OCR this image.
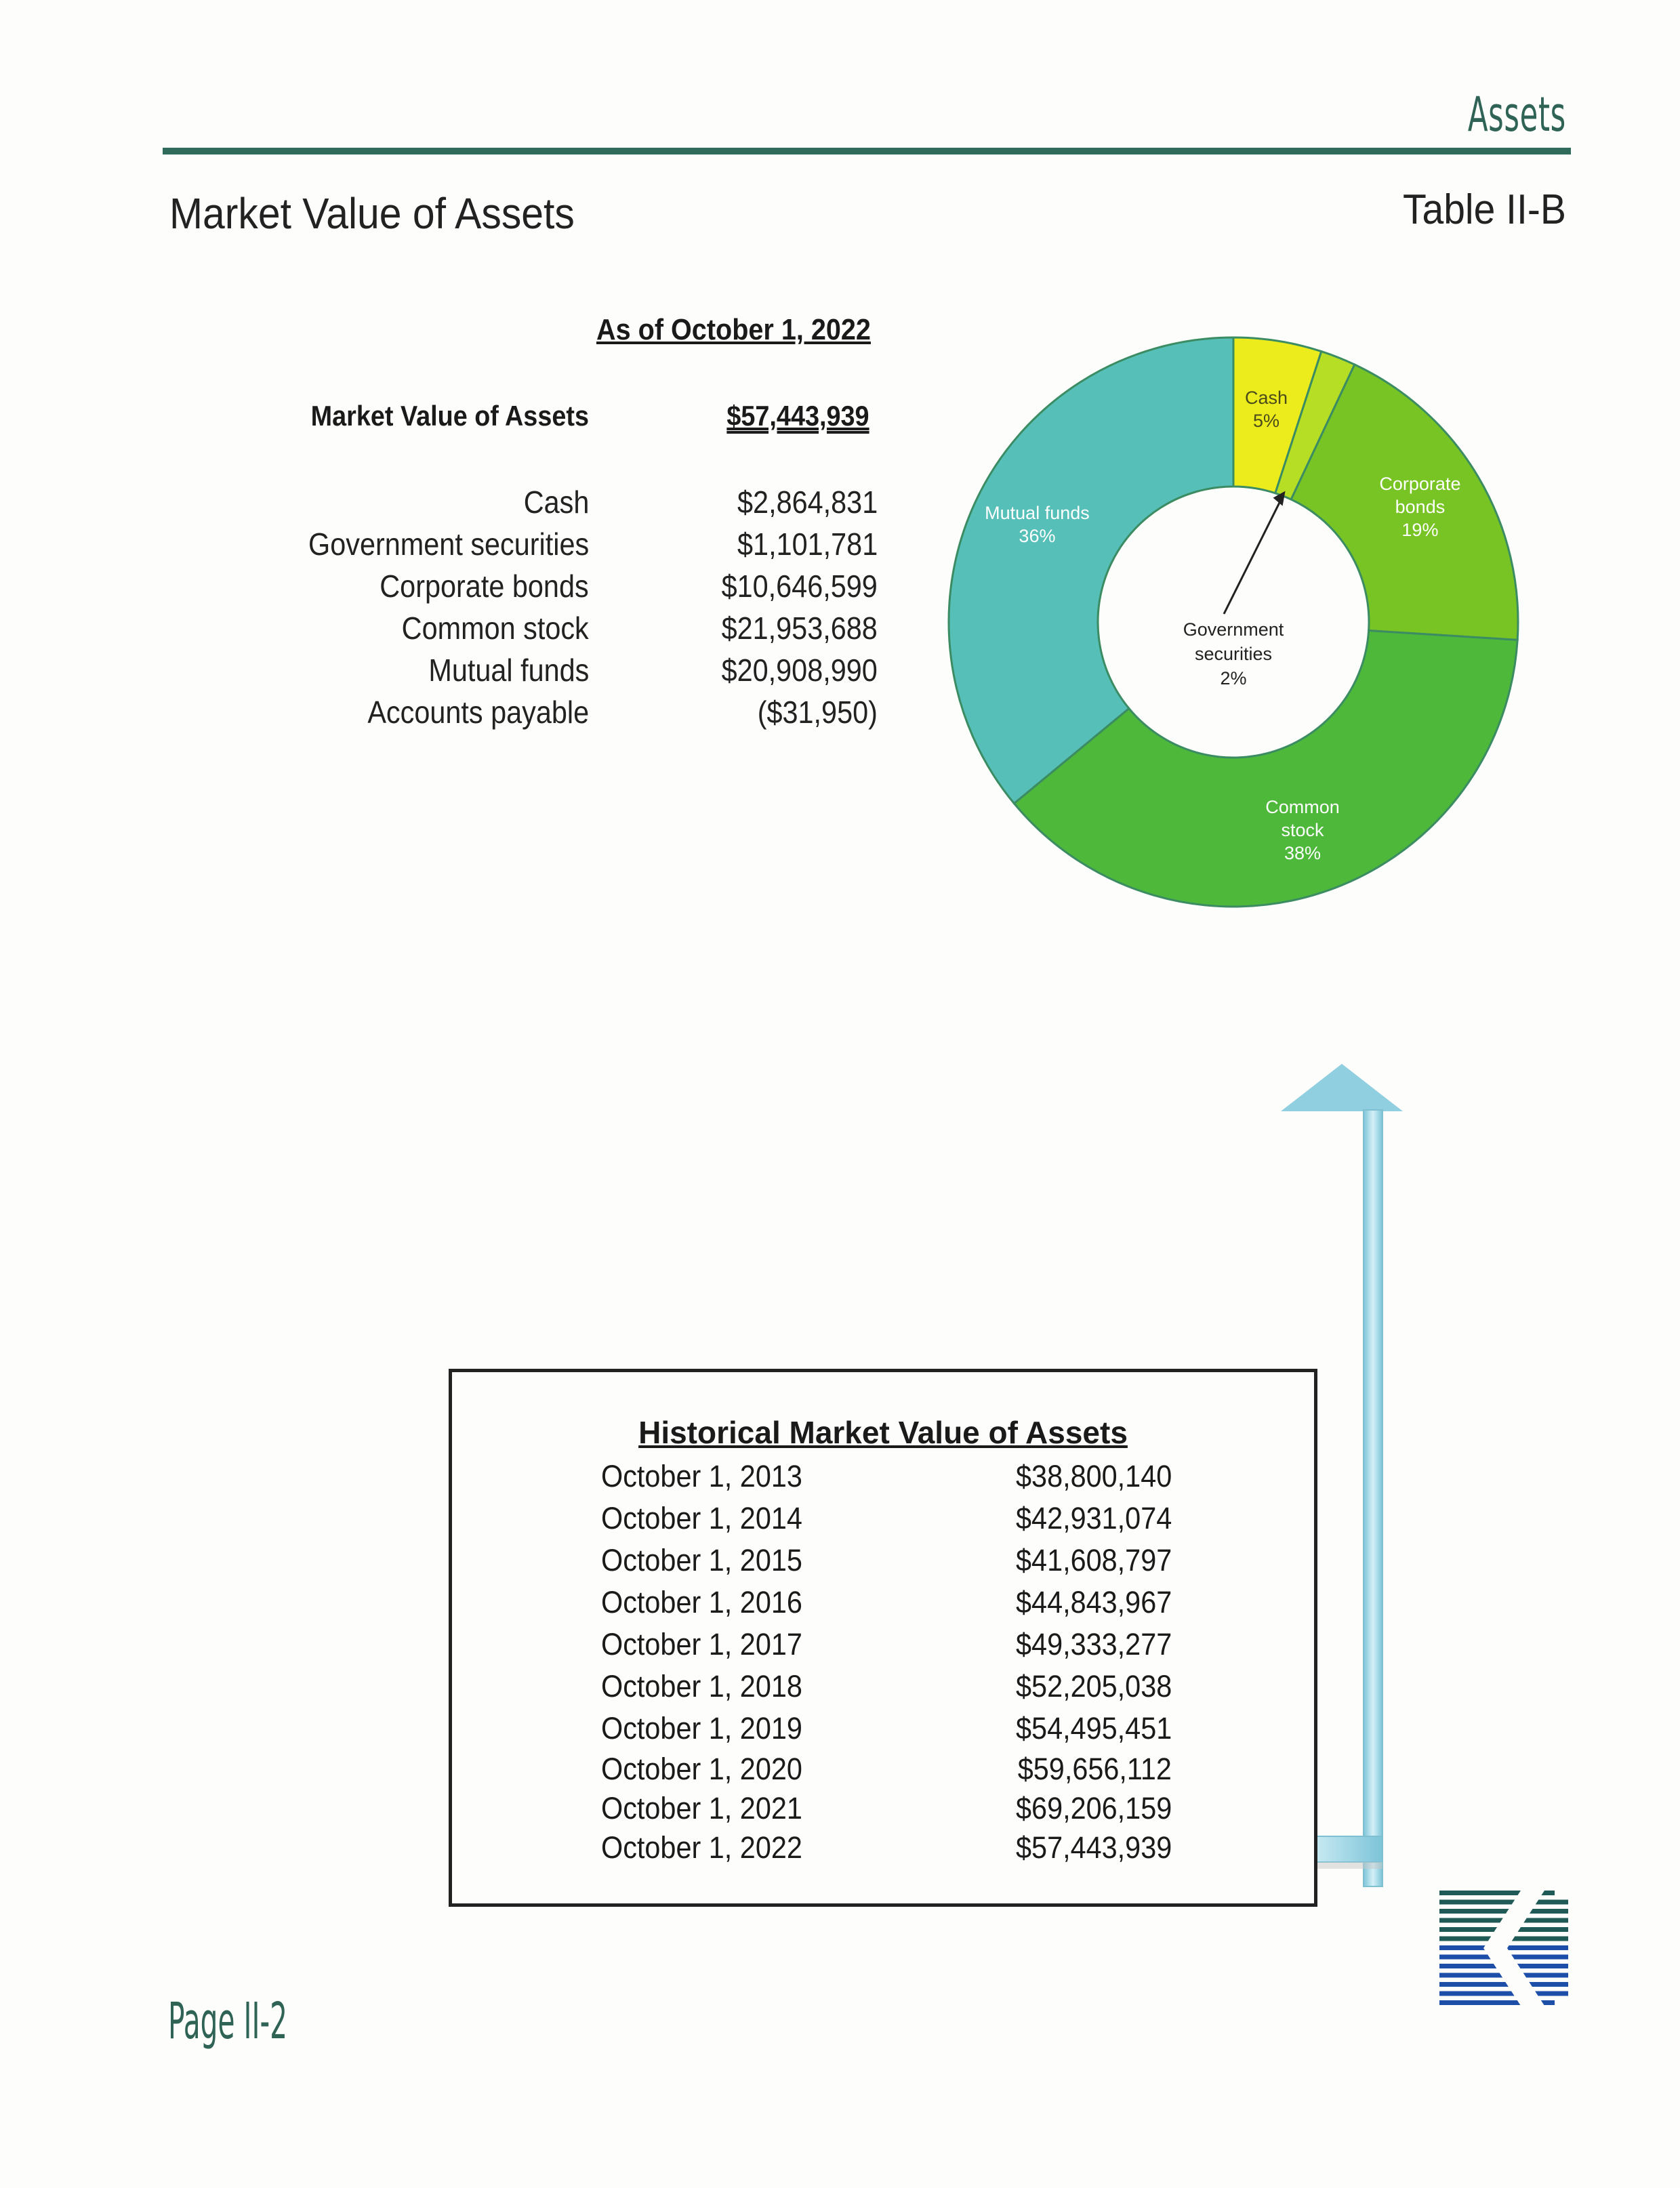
Assets
Market Value of Assets	Table II-B
As of October 1, 2022
Market Value of Assets	$57,443,939
Cash	$2,864,831
Government securities	$1,101,781
Corporate bonds	$10,646,599
Common stock	$21,953,688
Mutual funds	$20,908,990
Accounts payable	($31,950)
Cash 5%
Government securities 2%
Corporate bonds 19%
Common stock 38%
Mutual funds 36%
Historical Market Value of Assets
October 1, 2013	$38,800,140
October 1, 2014	$42,931,074
October 1, 2015	$41,608,797
October 1, 2016	$44,843,967
October 1, 2017	$49,333,277
October 1, 2018	$52,205,038
October 1, 2019	$54,495,451
October 1, 2020	$59,656,112
October 1, 2021	$69,206,159
October 1, 2022	$57,443,939
Page II-2
